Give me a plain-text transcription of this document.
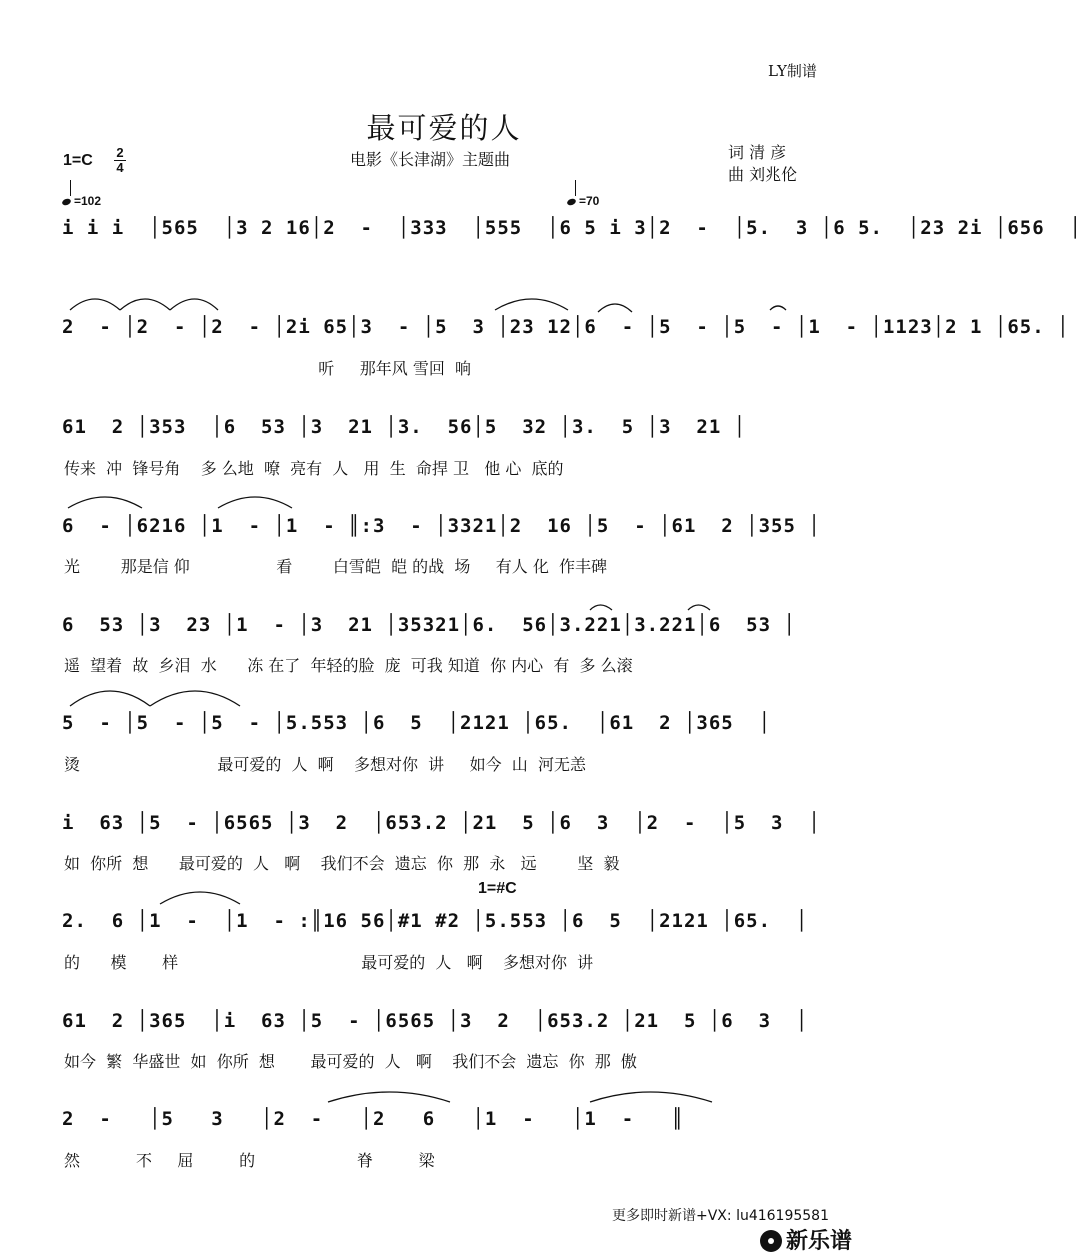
LY制谱
最可爱的人
电影《长津湖》主题曲	词 清 彦
曲 刘兆伦
1=C 2
4
=102	=70
1=#C
i i i  │565  │3 2 16│2  -  │333  │555  │6 5 i 3│2  -  │5.  3 │6 5.  │23 2i │656  │
2  - │2  - │2  - │2i 65│3  - │5  3 │23 12│6  - │5  - │5  - │1  - │1123│2 1 │65. │
听     那年风 雪回  响
61  2 │353  │6  53 │3  21 │3.  56│5  32 │3.  5 │3  21 │
传来  冲  锋号角    多 么地  嘹  亮有  人   用  生  命捍 卫   他 心  底的
6  - │6216 │1  - │1  - ║:3  - │3321│2  16 │5  - │61  2 │355 │
光        那是信 仰                 看        白雪皑  皑 的战  场     有人 化  作丰碑
6  53 │3  23 │1  - │3  21 │35321│6.  56│3.221│3.221│6  53 │
遥  望着  故  乡泪  水      冻 在了  年轻的脸  庞  可我 知道  你 内心  有  多 么滚
5  - │5  - │5  - │5.553 │6  5  │2121 │65.  │61  2 │365  │
烫                           最可爱的  人  啊    多想对你  讲     如今  山  河无恙
i  63 │5  - │6565 │3  2  │653.2 │21  5 │6  3  │2  -  │5  3  │
如  你所  想      最可爱的  人   啊    我们不会  遗忘  你  那  永   远        坚  毅
2.  6 │1  -  │1  - :║16 56│#1 #2 │5.553 │6  5  │2121 │65.  │
的      模       样                                    最可爱的  人   啊    多想对你  讲
61  2 │365  │i  63 │5  - │6565 │3  2  │653.2 │21  5 │6  3  │
如今  繁  华盛世  如  你所  想       最可爱的  人   啊    我们不会  遗忘  你  那  傲
2  -   │5   3   │2  -   │2   6   │1  -   │1  -   ║
然           不     屈         的                    脊         梁
更多即时新谱+VX: lu416195581
新乐谱
